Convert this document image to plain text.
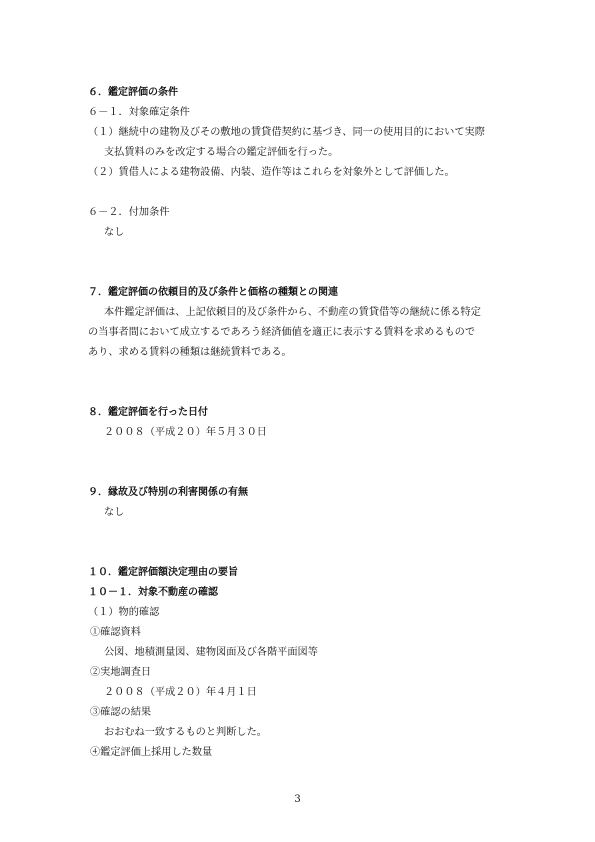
６．鑑定評価の条件
６－１．対象確定条件
（１）継続中の建物及びその敷地の賃貸借契約に基づき、同一の使用目的において実際
支払賃料のみを改定する場合の鑑定評価を行った。
（２）賃借人による建物設備、内装、造作等はこれらを対象外として評価した。
６－２．付加条件
なし
７．鑑定評価の依頼目的及び条件と価格の種類との関連
本件鑑定評価は、上記依頼目的及び条件から、不動産の賃貸借等の継続に係る特定
の当事者間において成立するであろう経済価値を適正に表示する賃料を求めるもので
あり、求める賃料の種類は継続賃料である。
８．鑑定評価を行った日付
２００８（平成２０）年５月３０日
９．縁故及び特別の利害関係の有無
なし
１０．鑑定評価額決定理由の要旨
１０－１．対象不動産の確認
（１）物的確認
①確認資料
公図、地積測量図、建物図面及び各階平面図等
②実地調査日
２００８（平成２０）年４月１日
③確認の結果
おおむね一致するものと判断した。
④鑑定評価上採用した数量
3
